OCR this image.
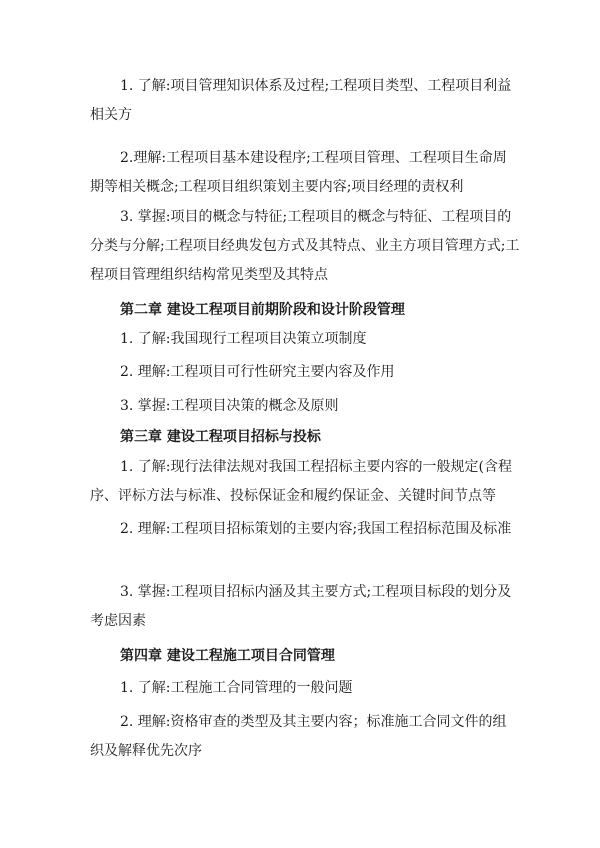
1. 了解:项目管理知识体系及过程;工程项目类型、工程项目利益相关方

2.理解:工程项目基本建设程序;工程项目管理、工程项目生命周期等相关概念;工程项目组织策划主要内容;项目经理的责权利

3. 掌握:项目的概念与特征;工程项目的概念与特征、工程项目的分类与分解;工程项目经典发包方式及其特点、业主方项目管理方式;工程项目管理组织结构常见类型及其特点

第二章 建设工程项目前期阶段和设计阶段管理

1. 了解:我国现行工程项目决策立项制度

2. 理解:工程项目可行性研究主要内容及作用

3. 掌握:工程项目决策的概念及原则

第三章 建设工程项目招标与投标

1. 了解:现行法律法规对我国工程招标主要内容的一般规定(含程序、评标方法与标准、投标保证金和履约保证金、关键时间节点等

2. 理解:工程项目招标策划的主要内容;我国工程招标范围及标准

3. 掌握:工程项目招标内涵及其主要方式;工程项目标段的划分及考虑因素

第四章 建设工程施工项目合同管理

1. 了解:工程施工合同管理的一般问题

2. 理解:资格审查的类型及其主要内容；标准施工合同文件的组织及解释优先次序
